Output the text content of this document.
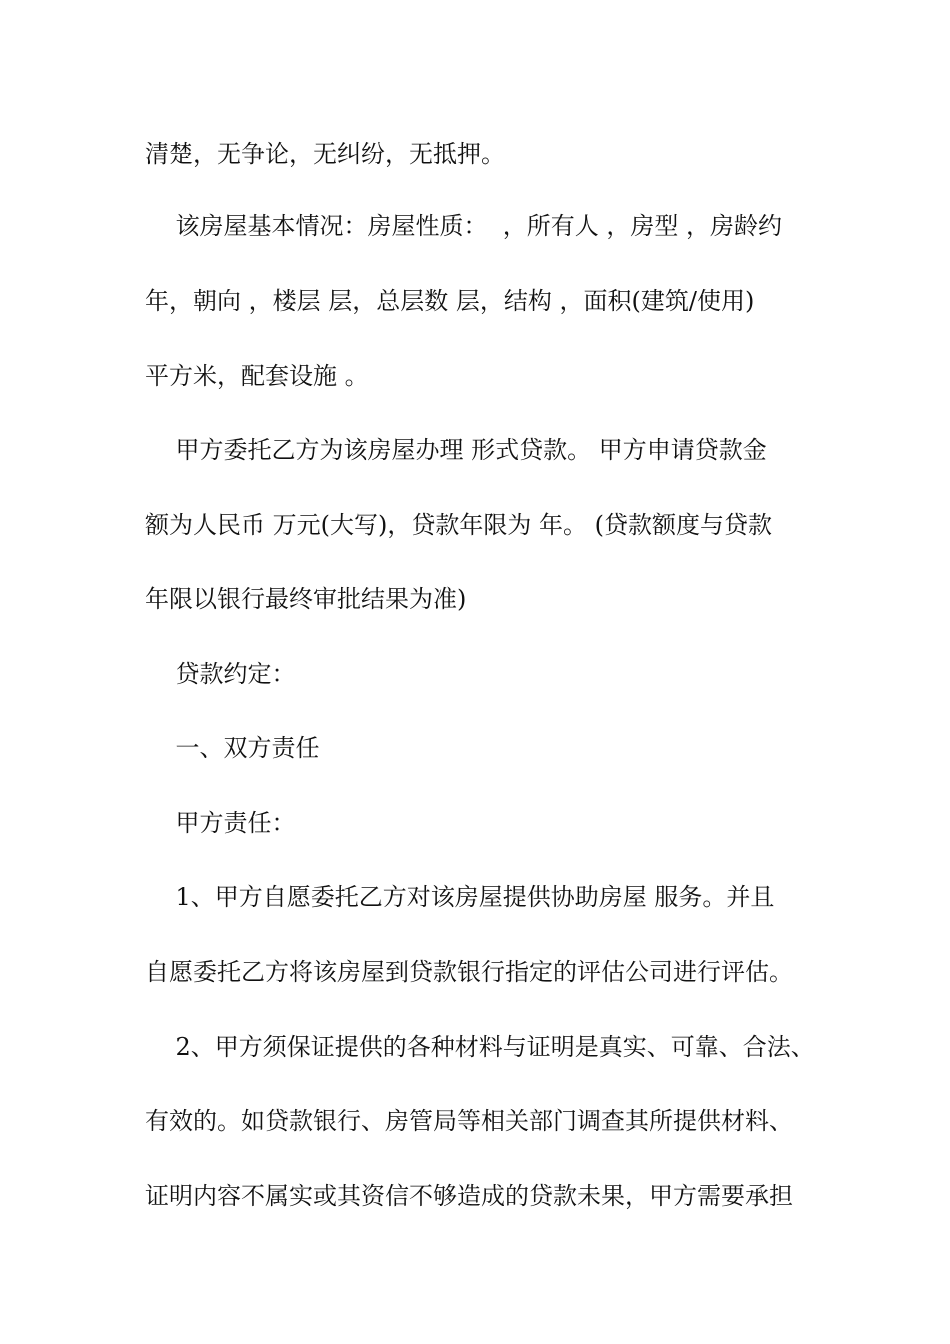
清楚，无争论，无纠纷，无抵押。
该房屋基本情况：房屋性质：  ，所有人 ，房型 ，房龄约
年，朝向 ，楼层 层，总层数 层，结构 ，面积(建筑/使用)
平方米，配套设施 。
甲方委托乙方为该房屋办理 形式贷款。 甲方申请贷款金
额为人民币 万元(大写)，贷款年限为 年。 (贷款额度与贷款
年限以银行最终审批结果为准)
贷款约定：
一、双方责任
甲方责任：
1、甲方自愿委托乙方对该房屋提供协助房屋 服务。并且
自愿委托乙方将该房屋到贷款银行指定的评估公司进行评估。
2、甲方须保证提供的各种材料与证明是真实、可靠、合法、
有效的。如贷款银行、房管局等相关部门调查其所提供材料、
证明内容不属实或其资信不够造成的贷款未果，甲方需要承担
